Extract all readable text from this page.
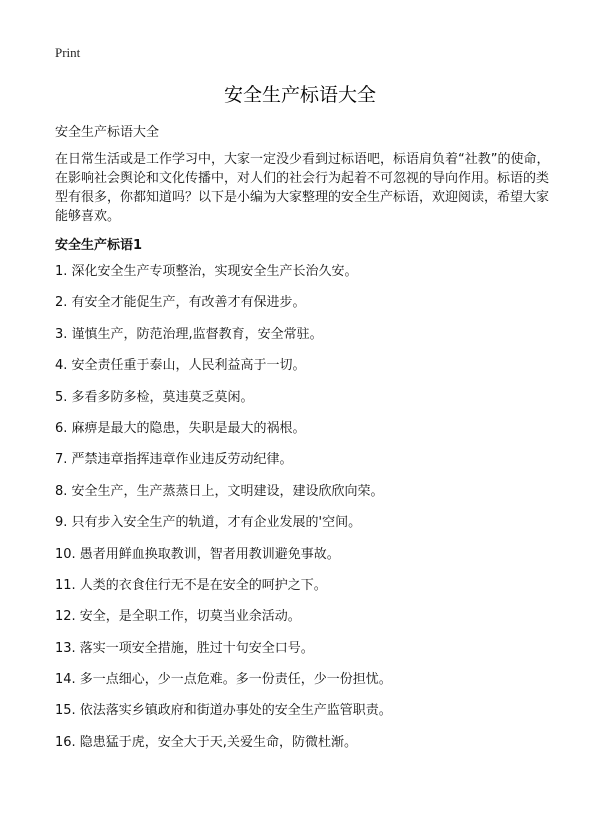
Print
安全生产标语大全

安全生产标语大全

在日常生活或是工作学习中，大家一定没少看到过标语吧，标语肩负着“社教”的使命，在影响社会舆论和文化传播中，对人们的社会行为起着不可忽视的导向作用。标语的类型有很多，你都知道吗？以下是小编为大家整理的安全生产标语，欢迎阅读，希望大家能够喜欢。

安全生产标语1
1. 深化安全生产专项整治，实现安全生产长治久安。
2. 有安全才能促生产，有改善才有保进步。
3. 谨慎生产，防范治理,监督教育，安全常驻。
4. 安全责任重于泰山，人民利益高于一切。
5. 多看多防多检，莫违莫乏莫闲。
6. 麻痹是最大的隐患，失职是最大的祸根。
7. 严禁违章指挥违章作业违反劳动纪律。
8. 安全生产，生产蒸蒸日上，文明建设，建设欣欣向荣。
9. 只有步入安全生产的轨道，才有企业发展的'空间。
10. 愚者用鲜血换取教训，智者用教训避免事故。
11. 人类的衣食住行无不是在安全的呵护之下。
12. 安全，是全职工作，切莫当业余活动。
13. 落实一项安全措施，胜过十句安全口号。
14. 多一点细心，少一点危难。多一份责任，少一份担忧。
15. 依法落实乡镇政府和街道办事处的安全生产监管职责。
16. 隐患猛于虎，安全大于天,关爱生命，防微杜渐。
